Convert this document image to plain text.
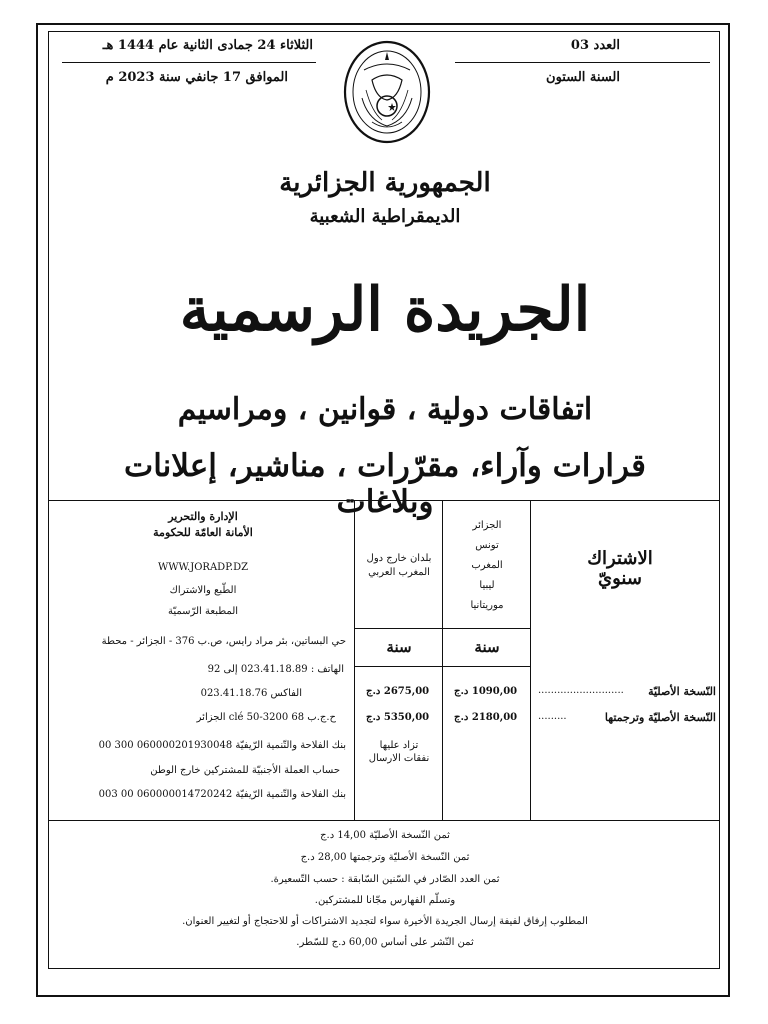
الثلاثاء 24 جمادى الثانية عام 1444 هـ
الموافق 17 جانفي سنة 2023 م
العدد 03
السنة الستون
الجمهورية الجزائرية
الديمقراطية الشعبية
الجريدة الرسمية
اتفاقات دولية ، قوانين ، ومراسيم
قرارات وآراء، مقرّرات ، مناشير، إعلانات وبلاغات
الاشتراك
سنويّ
الجزائر
تونس
المغرب
ليبيا
موريتانيا
بلدان خارج دول
المغرب العربي
سنة
سنة
النّسخة الأصليّة
...........................
1090,00 د.ج
2675,00 د.ج
النّسخة الأصليّة وترجمتها
.........
2180,00 د.ج
5350,00 د.ج
تزاد عليها
نفقات الارسال
الإدارة والتحرير
الأمانة العامّة للحكومة
WWW.JORADP.DZ
الطّبع والاشتراك
المطبعة الرّسميّة
حي البساتين، بئر مراد رايس، ص.ب 376 - الجزائر - محطة
الهاتف : 023.41.18.89 إلى 92
الفاكس 023.41.18.76
ح.ج.ب 68 3200-50 clé الجزائر
بنك الفلاحة والتّنمية الرّيفيّة 060000201930048 300 00
حساب العملة الأجنبيّة للمشتركين خارج الوطن
بنك الفلاحة والتّنمية الرّيفيّة 060000014720242 00 003
ثمن النّسخة الأصليّة 14,00 د.ج
ثمن النّسخة الأصليّة وترجمتها 28,00 د.ج
ثمن العدد الصّادر في السّنين السّابقة : حسب التّسعيرة.
وتسلّم الفهارس مجّانا للمشتركين.
المطلوب إرفاق لفيفة إرسال الجريدة الأخيرة سواء لتجديد الاشتراكات أو للاحتجاج أو لتغيير العنوان.
ثمن النّشر على أساس 60,00 د.ج للسّطر.
